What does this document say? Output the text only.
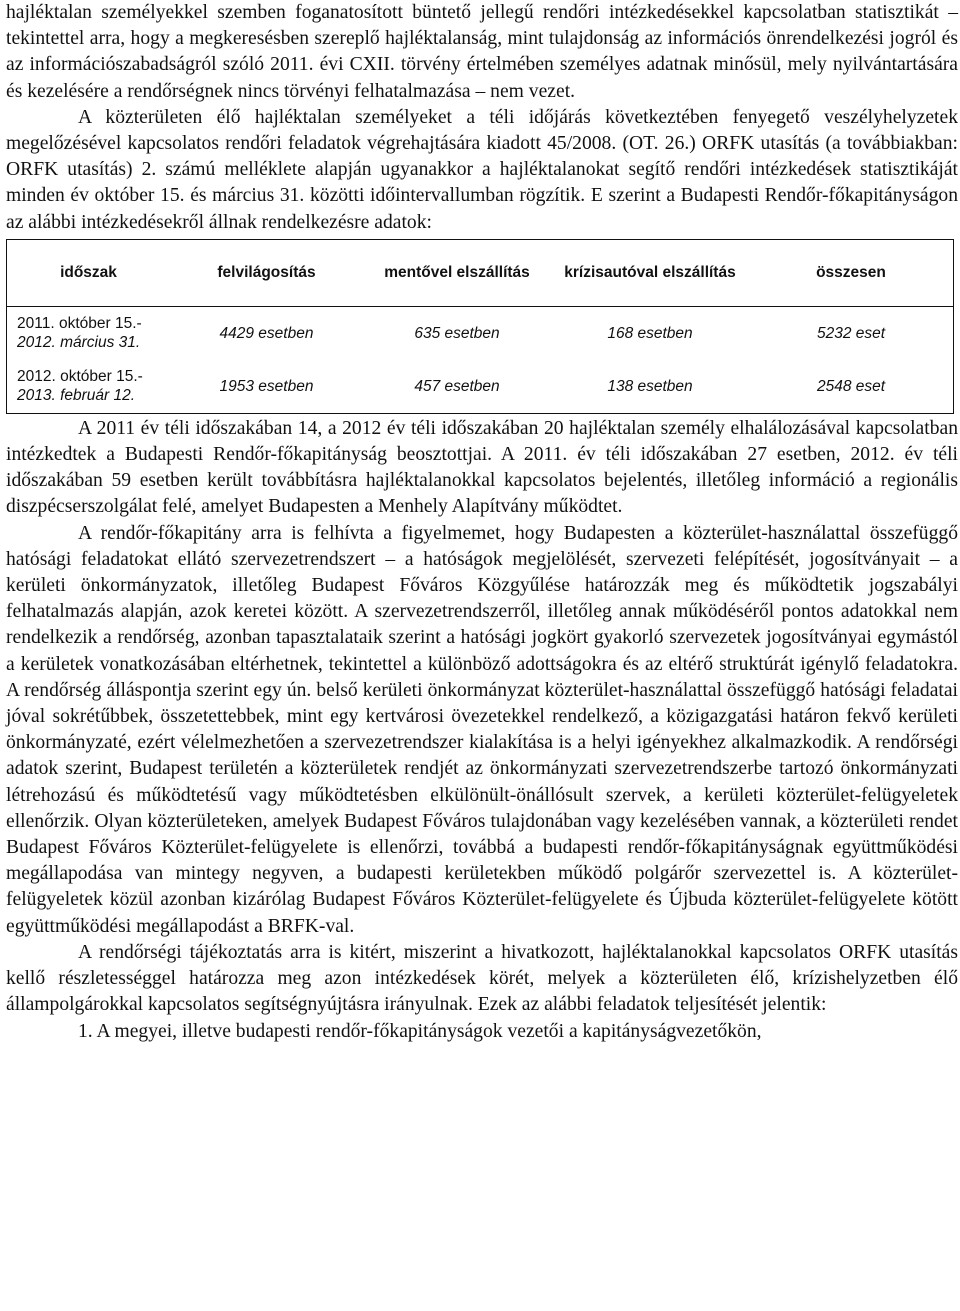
hajléktalan személyekkel szemben foganatosított büntető jellegű rendőri intézkedésekkel kapcsolatban statisztikát – tekintettel arra, hogy a megkeresésben szereplő hajléktalanság, mint tulajdonság az információs önrendelkezési jogról és az információszabadságról szóló 2011. évi CXII. törvény értelmében személyes adatnak minősül, mely nyilvántartására és kezelésére a rendőrségnek nincs törvényi felhatalmazása – nem vezet.

A közterületen élő hajléktalan személyeket a téli időjárás következtében fenyegető veszélyhelyzetek megelőzésével kapcsolatos rendőri feladatok végrehajtására kiadott 45/2008. (OT. 26.) ORFK utasítás (a továbbiakban: ORFK utasítás) 2. számú melléklete alapján ugyanakkor a hajléktalanokat segítő rendőri intézkedések statisztikáját minden év október 15. és március 31. közötti időintervallumban rögzítik. E szerint a Budapesti Rendőr-főkapitányságon az alábbi intézkedésekről állnak rendelkezésre adatok:

időszak	felvilágosítás	mentővel elszállítás	krízisautóval elszállítás	összesen

2011. október 15.-
2012. március 31.	4429 esetben	635 esetben	168 esetben	5232 eset

2012. október 15.-
2013. február 12.	1953 esetben	457 esetben	138 esetben	2548 eset

A 2011 év téli időszakában 14, a 2012 év téli időszakában 20 hajléktalan személy elhalálozásával kapcsolatban intézkedtek a Budapesti Rendőr-főkapitányság beosztottjai. A 2011. év téli időszakában 27 esetben, 2012. év téli időszakában 59 esetben került továbbításra hajléktalanokkal kapcsolatos bejelentés, illetőleg információ a regionális diszpécserszolgálat felé, amelyet Budapesten a Menhely Alapítvány működtet.

A rendőr-főkapitány arra is felhívta a figyelmemet, hogy Budapesten a közterület-használattal összefüggő hatósági feladatokat ellátó szervezetrendszert – a hatóságok megjelölését, szervezeti felépítését, jogosítványait – a kerületi önkormányzatok, illetőleg Budapest Főváros Közgyűlése határozzák meg és működtetik jogszabályi felhatalmazás alapján, azok keretei között. A szervezetrendszerről, illetőleg annak működéséről pontos adatokkal nem rendelkezik a rendőrség, azonban tapasztalataik szerint a hatósági jogkört gyakorló szervezetek jogosítványai egymástól a kerületek vonatkozásában eltérhetnek, tekintettel a különböző adottságokra és az eltérő struktúrát igénylő feladatokra. A rendőrség álláspontja szerint egy ún. belső kerületi önkormányzat közterület-használattal összefüggő hatósági feladatai jóval sokrétűbbek, összetettebbek, mint egy kertvárosi övezetekkel rendelkező, a közigazgatási határon fekvő kerületi önkormányzaté, ezért vélelmezhetően a szervezetrendszer kialakítása is a helyi igényekhez alkalmazkodik. A rendőrségi adatok szerint, Budapest területén a közterületek rendjét az önkormányzati szervezetrendszerbe tartozó önkormányzati létrehozású és működtetésű vagy működtetésben elkülönült-önállósult szervek, a kerületi közterület-felügyeletek ellenőrzik. Olyan közterületeken, amelyek Budapest Főváros tulajdonában vagy kezelésében vannak, a közterületi rendet Budapest Főváros Közterület-felügyelete is ellenőrzi, továbbá a budapesti rendőr-főkapitányságnak együttműködési megállapodása van mintegy negyven, a budapesti kerületekben működő polgárőr szervezettel is. A közterület-felügyeletek közül azonban kizárólag Budapest Főváros Közterület-felügyelete és Újbuda közterület-felügyelete kötött együttműködési megállapodást a BRFK-val.

A rendőrségi tájékoztatás arra is kitért, miszerint a hivatkozott, hajléktalanokkal kapcsolatos ORFK utasítás kellő részletességgel határozza meg azon intézkedések körét, melyek a közterületen élő, krízishelyzetben élő állampolgárokkal kapcsolatos segítségnyújtásra irányulnak. Ezek az alábbi feladatok teljesítését jelentik:

1. A megyei, illetve budapesti rendőr-főkapitányságok vezetői a kapitányságvezetőkön,
